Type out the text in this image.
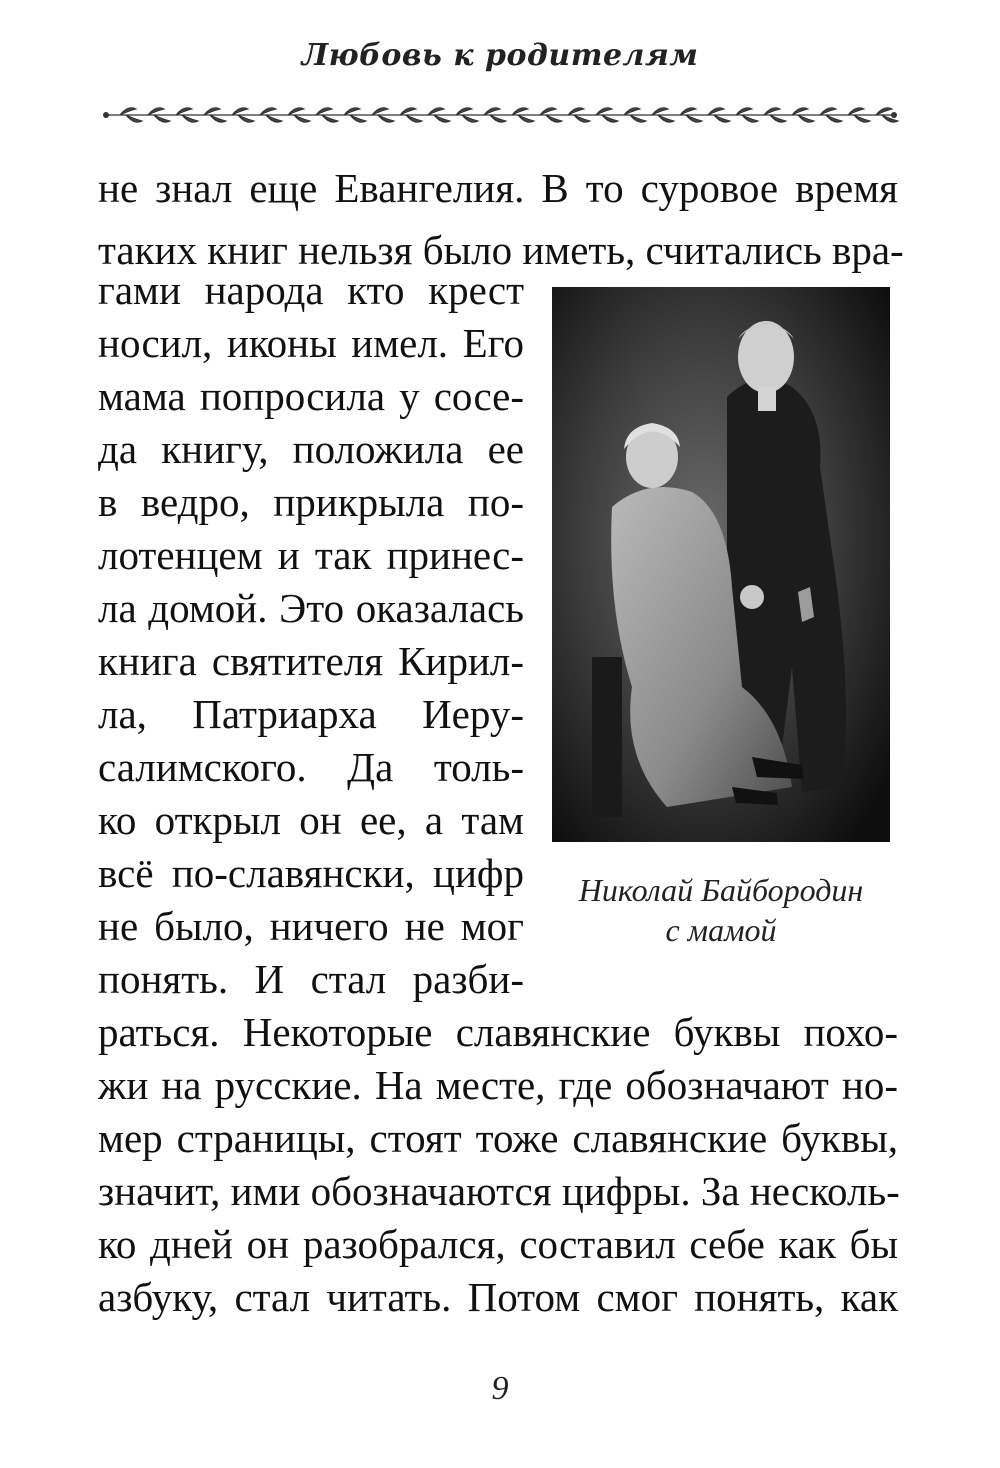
Любовь к родителям
не знал еще Евангелия. В то суровое время
таких книг нельзя было иметь, считались вра-
гами народа кто крест
носил, иконы имел. Его
мама попросила у сосе-
да книгу, положила ее
в ведро, прикрыла по-
лотенцем и так принес-
ла домой. Это оказалась
книга святителя Кирил-
ла, Патриарха Иеру-
салимского. Да толь-
ко открыл он ее, а там
всё по-славянски, цифр
не было, ничего не мог
понять. И стал разби-
раться. Некоторые славянские буквы похо-
жи на русские. На месте, где обозначают но-
мер страницы, стоят тоже славянские буквы,
значит, ими обозначаются цифры. За несколь-
ко дней он разобрался, составил себе как бы
азбуку, стал читать. Потом смог понять, как
Николай Байбородин
с мамой
9
